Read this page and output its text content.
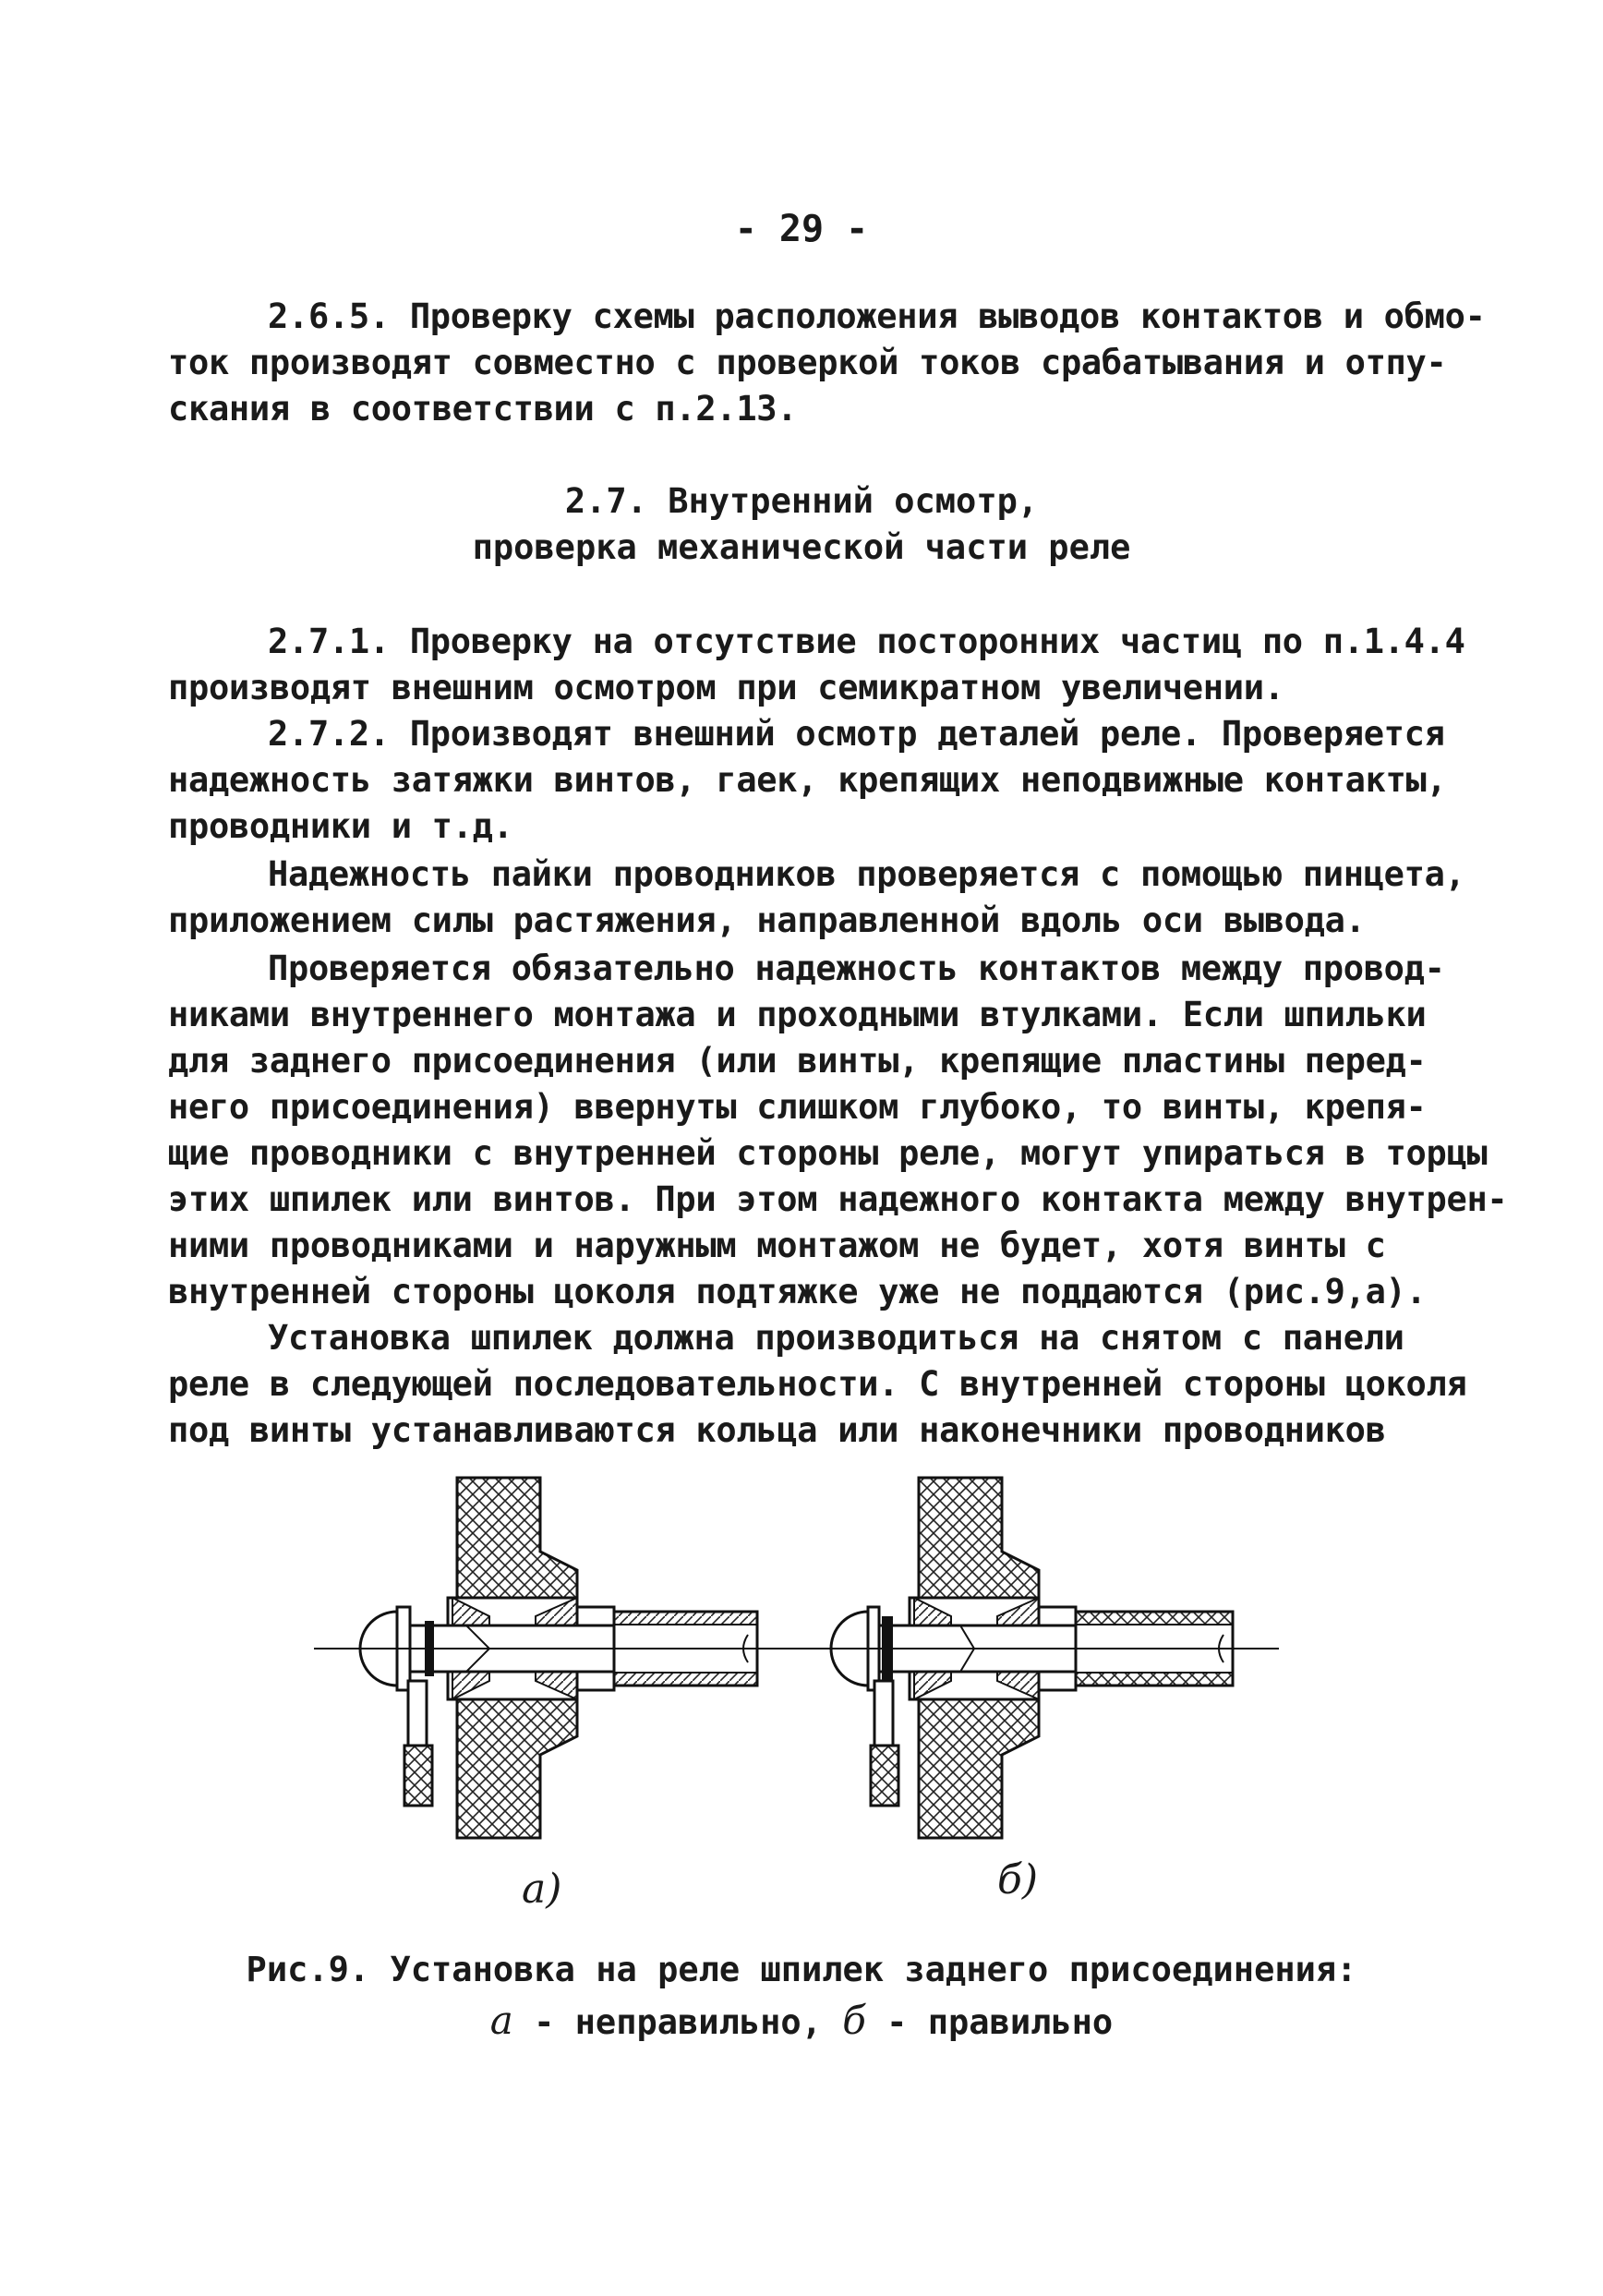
- 29 -
2.6.5. Проверку схемы расположения выводов контактов и обмо-
ток производят совместно с проверкой токов срабатывания и отпу-
скания в соответствии с п.2.13.
2.7. Внутренний осмотр,
проверка механической части реле
2.7.1. Проверку на отсутствие посторонних частиц по п.1.4.4
производят внешним осмотром при семикратном увеличении.
2.7.2. Производят внешний осмотр деталей реле. Проверяется
надежность затяжки винтов, гаек, крепящих неподвижные контакты,
проводники и т.д.
Надежность пайки проводников проверяется с помощью пинцета,
приложением силы растяжения, направленной вдоль оси вывода.
Проверяется обязательно надежность контактов между провод-
никами внутреннего монтажа и проходными втулками. Если шпильки
для заднего присоединения (или винты, крепящие пластины перед-
него присоединения) ввернуты слишком глубоко, то винты, крепя-
щие проводники с внутренней стороны реле, могут упираться в торцы
этих шпилек или винтов. При этом надежного контакта между внутрен-
ними проводниками и наружным монтажом не будет, хотя винты с
внутренней стороны цоколя подтяжке уже не поддаются (рис.9,а).
Установка шпилек должна производиться на снятом с панели
реле в следующей последовательности. С внутренней стороны цоколя
под винты устанавливаются кольца или наконечники проводников
а)	б)
Рис.9. Установка на реле шпилек заднего присоединения:
а - неправильно, б - правильно
